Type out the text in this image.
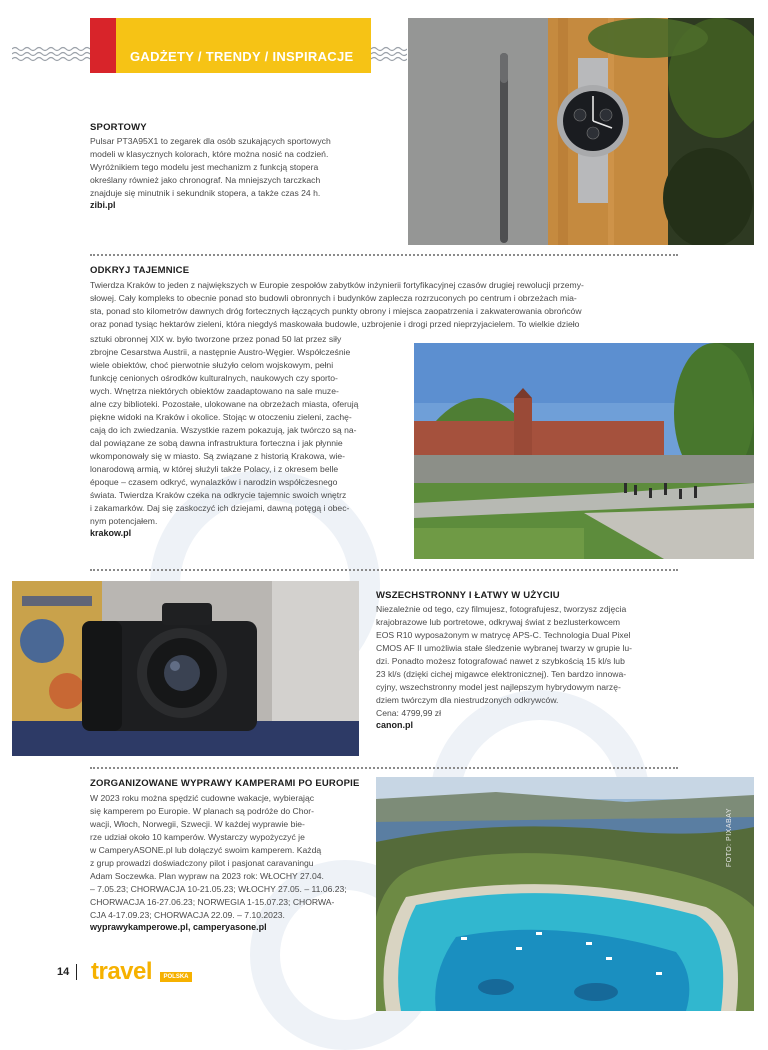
GADŻETY / TRENDY / INSPIRACJE
SPORTOWY
Pulsar PT3A95X1 to zegarek dla osób szukających sportowych
modeli w klasycznych kolorach, które można nosić na codzień.
Wyróżnikiem tego modelu jest mechanizm z funkcją stopera
określany również jako chronograf. Na mniejszych tarczkach
znajduje się minutnik i sekundnik stopera, a także czas 24 h.
zibi.pl
ODKRYJ TAJEMNICE
Twierdza Kraków to jeden z największych w Europie zespołów zabytków inżynierii fortyfikacyjnej czasów drugiej rewolucji przemy-
słowej. Cały kompleks to obecnie ponad sto budowli obronnych i budynków zaplecza rozrzuconych po centrum i obrzeżach mia-
sta, ponad sto kilometrów dawnych dróg fortecznych łączących punkty obrony i miejsca zaopatrzenia i zakwaterowania obrońców
oraz ponad tysiąc hektarów zieleni, która niegdyś maskowała budowle, uzbrojenie i drogi przed nieprzyjacielem. To wielkie dzieło
sztuki obronnej XIX w. było tworzone przez ponad 50 lat przez siły
zbrojne Cesarstwa Austrii, a następnie Austro-Węgier. Współcześnie
wiele obiektów, choć pierwotnie służyło celom wojskowym, pełni
funkcję cenionych ośrodków kulturalnych, naukowych czy sporto-
wych. Wnętrza niektórych obiektów zaadaptowano na sale muze-
alne czy biblioteki. Pozostałe, ulokowane na obrzeżach miasta, oferują
piękne widoki na Kraków i okolice. Stojąc w otoczeniu zieleni, zachę-
cają do ich zwiedzania. Wszystkie razem pokazują, jak twórczo są na-
dal powiązane ze sobą dawna infrastruktura forteczna i jak płynnie
wkomponowały się w miasto. Są związane z historią Krakowa, wie-
lonarodową armią, w której służyli także Polacy, i z okresem belle
époque – czasem odkryć, wynalazków i narodzin współczesnego
świata. Twierdza Kraków czeka na odkrycie tajemnic swoich wnętrz
i zakamarków. Daj się zaskoczyć ich dziejami, dawną potęgą i obec-
nym potencjałem.
krakow.pl
WSZECHSTRONNY I ŁATWY W UŻYCIU
Niezależnie od tego, czy filmujesz, fotografujesz, tworzysz zdjęcia
krajobrazowe lub portretowe, odkrywaj świat z bezlusterkowcem
EOS R10 wyposażonym w matrycę APS-C. Technologia Dual Pixel
CMOS AF II umożliwia stałe śledzenie wybranej twarzy w grupie lu-
dzi. Ponadto możesz fotografować nawet z szybkością 15 kl/s lub
23 kl/s (dzięki cichej migawce elektronicznej). Ten bardzo innowa-
cyjny, wszechstronny model jest najlepszym hybrydowym narzę-
dziem twórczym dla niestrudzonych odkrywców.
Cena: 4799,99 zł
canon.pl
ZORGANIZOWANE WYPRAWY KAMPERAMI PO EUROPIE
W 2023 roku można spędzić cudowne wakacje, wybierając
się kamperem po Europie. W planach są podróże do Chor-
wacji, Włoch, Norwegii, Szwecji. W każdej wyprawie bie-
rze udział około 10 kamperów. Wystarczy wypożyczyć je
w CamperyASONE.pl lub dołączyć swoim kamperem. Każdą
z grup prowadzi doświadczony pilot i pasjonat caravaningu
Adam Soczewka. Plan wypraw na 2023 rok: WŁOCHY 27.04.
– 7.05.23; CHORWACJA 10-21.05.23; WŁOCHY 27.05. – 11.06.23;
CHORWACJA 16-27.06.23; NORWEGIA 1-15.07.23; CHORWA-
CJA 4-17.09.23; CHORWACJA 22.09. – 7.10.2023.
wyprawykamperowe.pl, camperyasone.pl
FOTO: PIXABAY
14 travel	POLSKA
